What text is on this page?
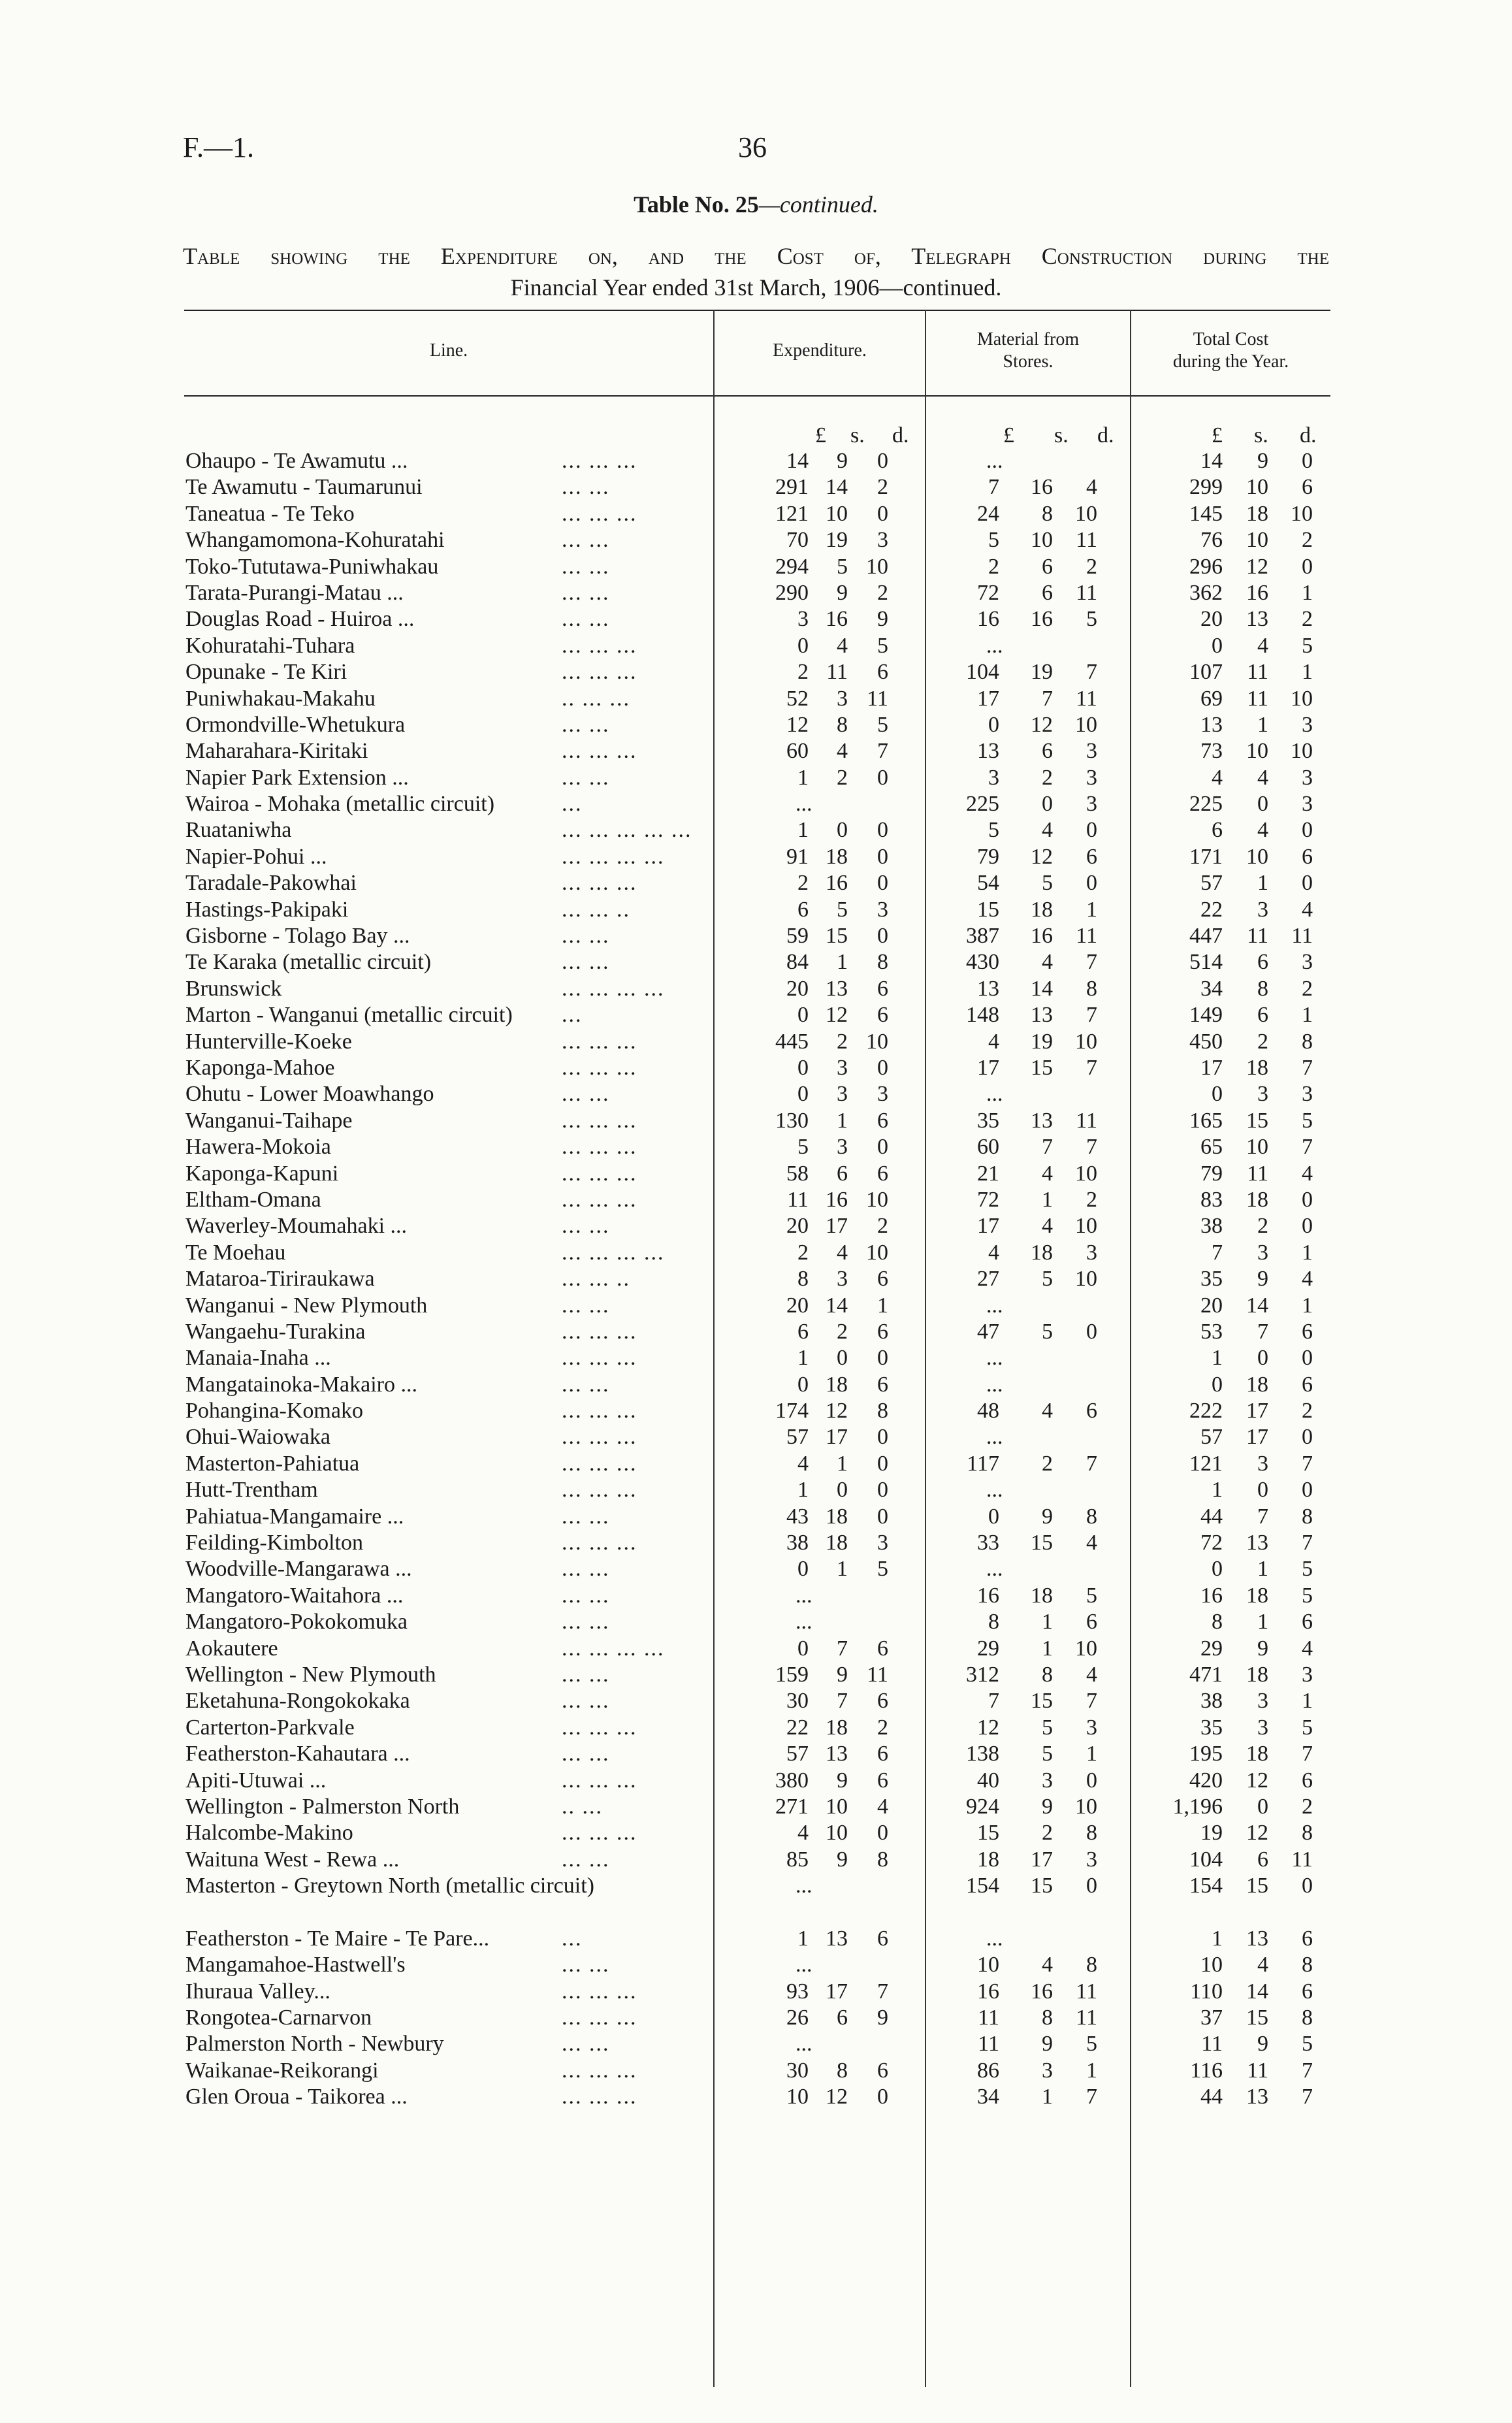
F.—1.	36
Table No. 25—continued.
Table showing the Expenditure on, and the Cost of, Telegraph Construction during the
Financial Year ended 31st March, 1906—continued.
Line.	Expenditure.
Material from
Stores.
Total Cost
during the Year.
£ s. d.	£ s. d.	£ s. d.
Ohaupo - Te Awamutu ...	... ... ...	14 9 0	...	14 9 0
Te Awamutu - Taumarunui	... ...	291 14 2	7 16 4	299 10 6
Taneatua - Te Teko	... ... ...	121 10 0	24 8 10	145 18 10
Whangamomona-Kohuratahi	... ...	70 19 3	5 10 11	76 10 2
Toko-Tututawa-Puniwhakau	... ...	294 5 10	2 6 2	296 12 0
Tarata-Purangi-Matau ...	... ...	290 9 2	72 6 11	362 16 1
Douglas Road - Huiroa ...	... ...	3 16 9	16 16 5	20 13 2
Kohuratahi-Tuhara	... ... ...	0 4 5	...	0 4 5
Opunake - Te Kiri	... ... ...	2 11 6	104 19 7	107 11 1
Puniwhakau-Makahu	.. ... ...	52 3 11	17 7 11	69 11 10
Ormondville-Whetukura	... ...	12 8 5	0 12 10	13 1 3
Maharahara-Kiritaki	... ... ...	60 4 7	13 6 3	73 10 10
Napier Park Extension ...	... ...	1 2 0	3 2 3	4 4 3
Wairoa - Mohaka (metallic circuit)	...	...	225 0 3	225 0 3
Ruataniwha	... ... ... ... ...	1 0 0	5 4 0	6 4 0
Napier-Pohui ...	... ... ... ...	91 18 0	79 12 6	171 10 6
Taradale-Pakowhai	... ... ...	2 16 0	54 5 0	57 1 0
Hastings-Pakipaki	... ... ..	6 5 3	15 18 1	22 3 4
Gisborne - Tolago Bay ...	... ...	59 15 0	387 16 11	447 11 11
Te Karaka (metallic circuit)	... ...	84 1 8	430 4 7	514 6 3
Brunswick	... ... ... ...	20 13 6	13 14 8	34 8 2
Marton - Wanganui (metallic circuit) ...	0 12 6	148 13 7	149 6 1
Hunterville-Koeke	... ... ...	445 2 10	4 19 10	450 2 8
Kaponga-Mahoe	... ... ...	0 3 0	17 15 7	17 18 7
Ohutu - Lower Moawhango	... ...	0 3 3	...	0 3 3
Wanganui-Taihape	... ... ...	130 1 6	35 13 11	165 15 5
Hawera-Mokoia	... ... ...	5 3 0	60 7 7	65 10 7
Kaponga-Kapuni	... ... ...	58 6 6	21 4 10	79 11 4
Eltham-Omana	... ... ...	11 16 10	72 1 2	83 18 0
Waverley-Moumahaki ...	... ...	20 17 2	17 4 10	38 2 0
Te Moehau	... ... ... ...	2 4 10	4 18 3	7 3 1
Mataroa-Tiriraukawa	... ... ..	8 3 6	27 5 10	35 9 4
Wanganui - New Plymouth	... ...	20 14 1	...	20 14 1
Wangaehu-Turakina	... ... ...	6 2 6	47 5 0	53 7 6
Manaia-Inaha ...	... ... ...	1 0 0	...	1 0 0
Mangatainoka-Makairo ...	... ...	0 18 6	...	0 18 6
Pohangina-Komako	... ... ...	174 12 8	48 4 6	222 17 2
Ohui-Waiowaka	... ... ...	57 17 0	...	57 17 0
Masterton-Pahiatua	... ... ...	4 1 0	117 2 7	121 3 7
Hutt-Trentham	... ... ...	1 0 0	...	1 0 0
Pahiatua-Mangamaire ...	... ...	43 18 0	0 9 8	44 7 8
Feilding-Kimbolton	... ... ...	38 18 3	33 15 4	72 13 7
Woodville-Mangarawa ...	... ...	0 1 5	...	0 1 5
Mangatoro-Waitahora ...	... ...	...	16 18 5	16 18 5
Mangatoro-Pokokomuka	... ...	...	8 1 6	8 1 6
Aokautere	... ... ... ...	0 7 6	29 1 10	29 9 4
Wellington - New Plymouth	... ...	159 9 11	312 8 4	471 18 3
Eketahuna-Rongokokaka	... ...	30 7 6	7 15 7	38 3 1
Carterton-Parkvale	... ... ...	22 18 2	12 5 3	35 3 5
Featherston-Kahautara ...	... ...	57 13 6	138 5 1	195 18 7
Apiti-Utuwai ...	... ... ...	380 9 6	40 3 0	420 12 6
Wellington - Palmerston North	.. ...	271 10 4	924 9 10	1,196 0 2
Halcombe-Makino	... ... ...	4 10 0	15 2 8	19 12 8
Waituna West - Rewa ...	... ...	85 9 8	18 17 3	104 6 11
Masterton - Greytown North (metallic circuit)	...	154 15 0	154 15 0
Featherston - Te Maire - Te Pare...	...	1 13 6	...	1 13 6
Mangamahoe-Hastwell's	... ...	...	10 4 8	10 4 8
Ihuraua Valley...	... ... ...	93 17 7	16 16 11	110 14 6
Rongotea-Carnarvon	... ... ...	26 6 9	11 8 11	37 15 8
Palmerston North - Newbury	... ...	...	11 9 5	11 9 5
Waikanae-Reikorangi	... ... ...	30 8 6	86 3 1	116 11 7
Glen Oroua - Taikorea ...	... ... ...	10 12 0	34 1 7	44 13 7
